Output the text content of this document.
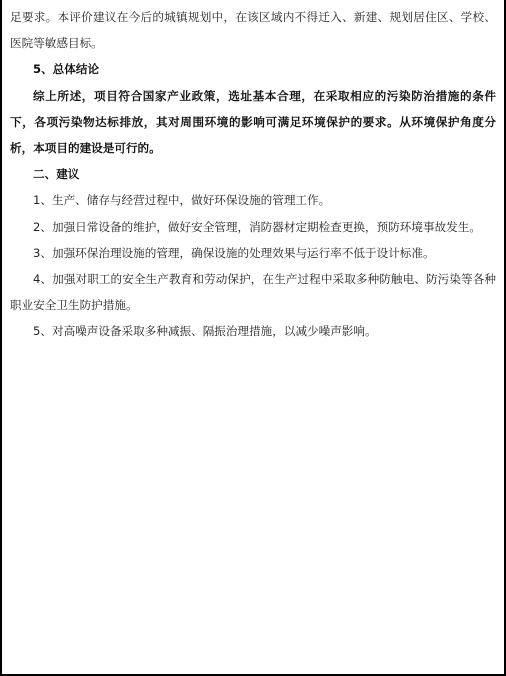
足要求。本评价建议在今后的城镇规划中，在该区域内不得迁入、新建、规划居住区、学校、医院等敏感目标。

5、总体结论

综上所述，项目符合国家产业政策，选址基本合理，在采取相应的污染防治措施的条件下，各项污染物达标排放，其对周围环境的影响可满足环境保护的要求。从环境保护角度分析，本项目的建设是可行的。

二、建议

1、生产、储存与经营过程中，做好环保设施的管理工作。

2、加强日常设备的维护，做好安全管理，消防器材定期检查更换，预防环境事故发生。

3、加强环保治理设施的管理，确保设施的处理效果与运行率不低于设计标准。

4、加强对职工的安全生产教育和劳动保护，在生产过程中采取多种防触电、防污染等各种职业安全卫生防护措施。

5、对高噪声设备采取多种减振、隔振治理措施，以减少噪声影响。
